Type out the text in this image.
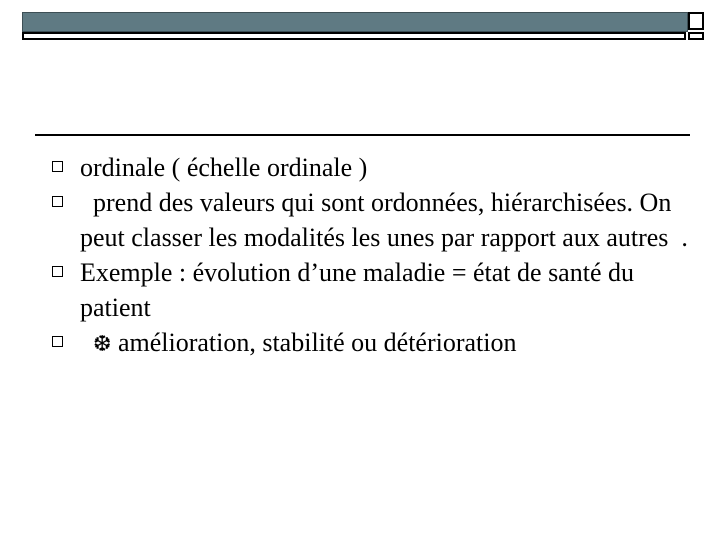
ordinale ( échelle ordinale )
prend des valeurs qui sont ordonnées, hiérarchisées. On peut classer les modalités les unes par rapport aux autres  .
Exemple : évolution d’une maladie = état de santé du patient
❆ amélioration, stabilité ou détérioration
